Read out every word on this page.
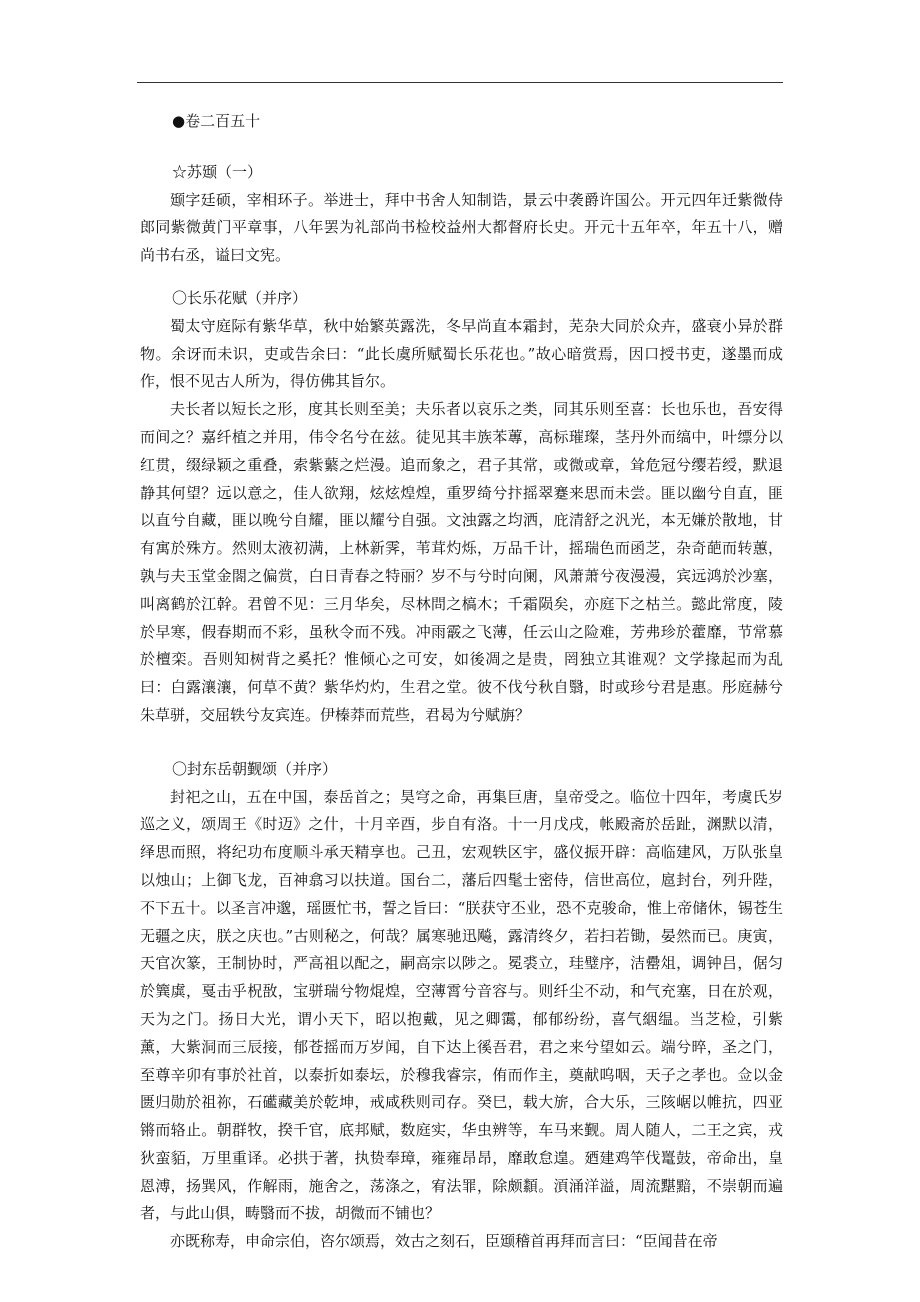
●卷二百五十

☆苏颋（一）

颋字廷硕，宰相环子。举进士，拜中书舍人知制诰，景云中袭爵许国公。开元四年迁紫微侍郎同紫微黄门平章事，八年罢为礼部尚书检校益州大都督府长史。开元十五年卒，年五十八，赠尚书右丞，谥曰文宪。

〇长乐花赋（并序）

蜀太守庭际有紫华草，秋中始繁英露洗，冬早尚直本霜封，芜杂大同於众卉，盛衰小异於群物。余讶而未识，吏或告余曰：“此长虞所赋蜀长乐花也。”故心暗赏焉，因口授书吏，遂墨而成作，恨不见古人所为，得仿佛其旨尔。

夫长者以短长之形，度其长则至美；夫乐者以哀乐之类，同其乐则至喜：长也乐也，吾安得而间之？嘉纤植之并用，伟令名兮在兹。徒见其丰族苯蓴，高标璀璨，茎丹外而缟中，叶缥分以红贯，缀绿颖之重叠，索紫蘩之烂漫。追而象之，君子其常，或微或章，耸危冠兮缨若绶，默退静其何望？远以意之，佳人欲翔，炫炫煌煌，重罗绮兮抃摇翠蹇来思而未尝。匪以幽兮自直，匪以直兮自藏，匪以晚兮自耀，匪以耀兮自强。文浊露之均洒，庇清舒之汎光，本无嫌於散地，甘有寓於殊方。然则太液初满，上林新霁，苇茸灼烁，万品千计，摇瑞色而函芝，杂奇葩而转蕙，孰与夫玉堂金閤之偏赏，白日青春之特丽？岁不与兮时向阑，风萧萧兮夜漫漫，宾远鸿於沙塞，叫离鹤於江幹。君曾不见：三月华矣，尽林問之槁木；千霜陨矣，亦庭下之枯兰。懿此常度，陵於早寒，假春期而不彩，虽秋令而不残。冲雨霰之飞薄，任云山之险难，芳弗珍於藿靡，节常慕於檀栾。吾则知树背之奚托？惟倾心之可安，如後凋之是贵，罔独立其谁观？文学掾起而为乱曰：白露瀼瀼，何草不黄？紫华灼灼，生君之堂。彼不伐兮秋自翳，时或珍兮君是惠。彤庭赫兮朱草骈，交屈轶兮友宾连。伊榛莽而荒些，君曷为兮赋旃？

〇封东岳朝觐颂（并序）

封祀之山，五在中国，泰岳首之；昊穹之命，再集巨唐，皇帝受之。临位十四年，考虞氏岁巡之义，颂周王《时迈》之什，十月辛酉，步自有洛。十一月戊戌，帐殿斋於岳趾，渊默以清，绎思而照，将纪功布度顺斗承天精享也。己丑，宏观轶区宇，盛仪振开辟：高临建风，万队张皇以烛山；上御飞龙，百神翕习以扶道。国台二，藩后四髦士密侍，信世高位，扈封台，列升陛，不下五十。以圣言冲邈，瑶匮忙书，誓之旨曰：“朕获守丕业，恐不克骏命，惟上帝储休，锡苍生无疆之庆，朕之庆也。”古则秘之，何哉？属寒驰迅飚，露清终夕，若扫若锄，晏然而已。庚寅，天官次篆，王制协时，严高祖以配之，嗣高宗以陟之。冕裘立，珪璧序，洁罍俎，调钟吕，倨匀於簨虡，戛击乎柷敔，宝骈瑞兮物焜煌，空薄霄兮音容与。则纤尘不动，和气充塞，日在於观，天为之门。扬日大光，谓小天下，昭以抱戴，见之卿霭，郁郁纷纷，喜气絪缊。当芝检，引紫薰，大紫洞而三辰接，郁苍摇而万岁闻，自下达上徯吾君，君之来兮望如云。端兮晬，圣之门，至尊辛卯有事於社首，以泰折如泰坛，於穆我睿宗，侑而作主，奠献呜咽，天子之孝也。佥以金匮归勋於祖祢，石礷藏美於乾坤，戒咸秩则司存。癸巳，载大旂，合大乐，三陔崌以帷抗，四亚锵而辂止。朝群牧，揆千官，底邦赋，数庭实，华虫辨等，车马来觐。周人随人，二王之宾，戎狄蛮貊，万里重译。必拱于著，执贽奉璋，雍雍昂昂，靡敢怠遑。廼建鸡竿伐鼍鼓，帝命出，皇恩溥，扬巽风，作解雨，施舍之，荡涤之，宥法罪，除颇纇。湏涌洋溢，周流黮黯，不崇朝而遍者，与此山俱，畴翳而不拔，胡微而不铺也？

亦既称寿，申命宗伯，咨尔颂焉，效古之刻石，臣颋稽首再拜而言曰：“臣闻昔在帝
